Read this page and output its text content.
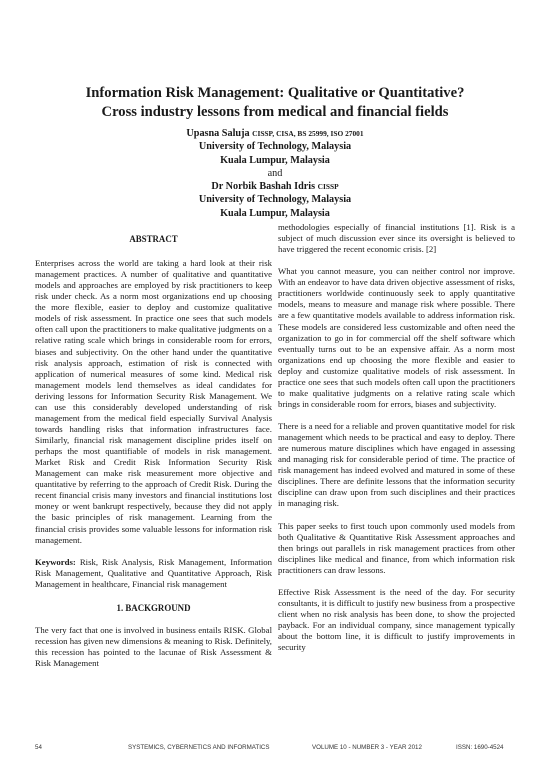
Information Risk Management: Qualitative or Quantitative?
Cross industry lessons from medical and financial fields
Upasna Saluja CISSP, CISA, BS 25999, ISO 27001
University of Technology, Malaysia
Kuala Lumpur, Malaysia
and
Dr Norbik Bashah Idris CISSP
University of Technology, Malaysia
Kuala Lumpur, Malaysia
ABSTRACT

Enterprises across the world are taking a hard look at their risk management practices. A number of qualitative and quantitative models and approaches are employed by risk practitioners to keep risk under check. As a norm most organizations end up choosing the more flexible, easier to deploy and customize qualitative models of risk assessment. In practice one sees that such models often call upon the practitioners to make qualitative judgments on a relative rating scale which brings in considerable room for errors, biases and subjectivity. On the other hand under the quantitative risk analysis approach, estimation of risk is connected with application of numerical measures of some kind. Medical risk management models lend themselves as ideal candidates for deriving lessons for Information Security Risk Management. We can use this considerably developed understanding of risk management from the medical field especially Survival Analysis towards handling risks that information infrastructures face. Similarly, financial risk management discipline prides itself on perhaps the most quantifiable of models in risk management. Market Risk and Credit Risk Information Security Risk Management can make risk measurement more objective and quantitative by referring to the approach of Credit Risk. During the recent financial crisis many investors and financial institutions lost money or went bankrupt respectively, because they did not apply the basic principles of risk management. Learning from the financial crisis provides some valuable lessons for information risk management.

Keywords: Risk, Risk Analysis, Risk Management, Information Risk Management, Qualitative and Quantitative Approach, Risk Management in healthcare, Financial risk management

1. BACKGROUND

The very fact that one is involved in business entails RISK. Global recession has given new dimensions & meaning to Risk. Definitely, this recession has pointed to the lacunae of Risk Assessment & Risk Management

methodologies especially of financial institutions [1]. Risk is a subject of much discussion ever since its oversight is believed to have triggered the recent economic crisis. [2]

What you cannot measure, you can neither control nor improve. With an endeavor to have data driven objective assessment of risks, practitioners worldwide continuously seek to apply quantitative models, means to measure and manage risk where possible. There are a few quantitative models available to address information risk. These models are considered less customizable and often need the organization to go in for commercial off the shelf software which eventually turns out to be an expensive affair. As a norm most organizations end up choosing the more flexible and easier to deploy and customize qualitative models of risk assessment. In practice one sees that such models often call upon the practitioners to make qualitative judgments on a relative rating scale which brings in considerable room for errors, biases and subjectivity.

There is a need for a reliable and proven quantitative model for risk management which needs to be practical and easy to deploy. There are numerous mature disciplines which have engaged in assessing and managing risk for considerable period of time. The practice of risk management has indeed evolved and matured in some of these disciplines. There are definite lessons that the information security discipline can draw upon from such disciplines and their practices in managing risk.

This paper seeks to first touch upon commonly used models from both Qualitative & Quantitative Risk Assessment approaches and then brings out parallels in risk management practices from other disciplines like medical and finance, from which information risk practitioners can draw lessons.

Effective Risk Assessment is the need of the day. For security consultants, it is difficult to justify new business from a prospective client when no risk analysis has been done, to show the projected payback. For an individual company, since management typically about the bottom line, it is difficult to justify improvements in security

54	SYSTEMICS, CYBERNETICS AND INFORMATICS	VOLUME 10 - NUMBER 3 - YEAR 2012	ISSN: 1690-4524
